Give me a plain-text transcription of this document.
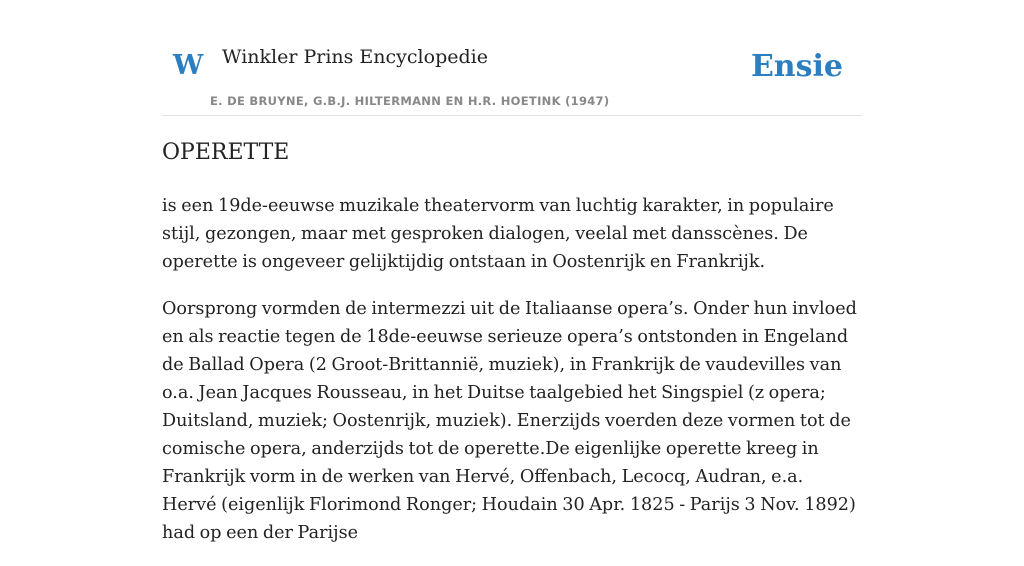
W Winkler Prins Encyclopedie
E. DE BRUYNE, G.B.J. HILTERMANN EN H.R. HOETINK (1947)
Ensie
OPERETTE

is een 19de-eeuwse muzikale theatervorm van luchtig karakter, in populaire stijl, gezongen, maar met gesproken dialogen, veelal met dansscènes. De operette is ongeveer gelijktijdig ontstaan in Oostenrijk en Frankrijk.

Oorsprong vormden de intermezzi uit de Italiaanse opera’s. Onder hun invloed en als reactie tegen de 18de-eeuwse serieuze opera’s ontstonden in Engeland de Ballad Opera (2 Groot-Brittannië, muziek), in Frankrijk de vaudevilles van o.a. Jean Jacques Rousseau, in het Duitse taalgebied het Singspiel (z opera; Duitsland, muziek; Oostenrijk, muziek). Enerzijds voerden deze vormen tot de comische opera, anderzijds tot de operette.De eigenlijke operette kreeg in Frankrijk vorm in de werken van Hervé, Offenbach, Lecocq, Audran, e.a. Hervé (eigenlijk Florimond Ronger; Houdain 30 Apr. 1825 - Parijs 3 Nov. 1892) had op een der Parijse
